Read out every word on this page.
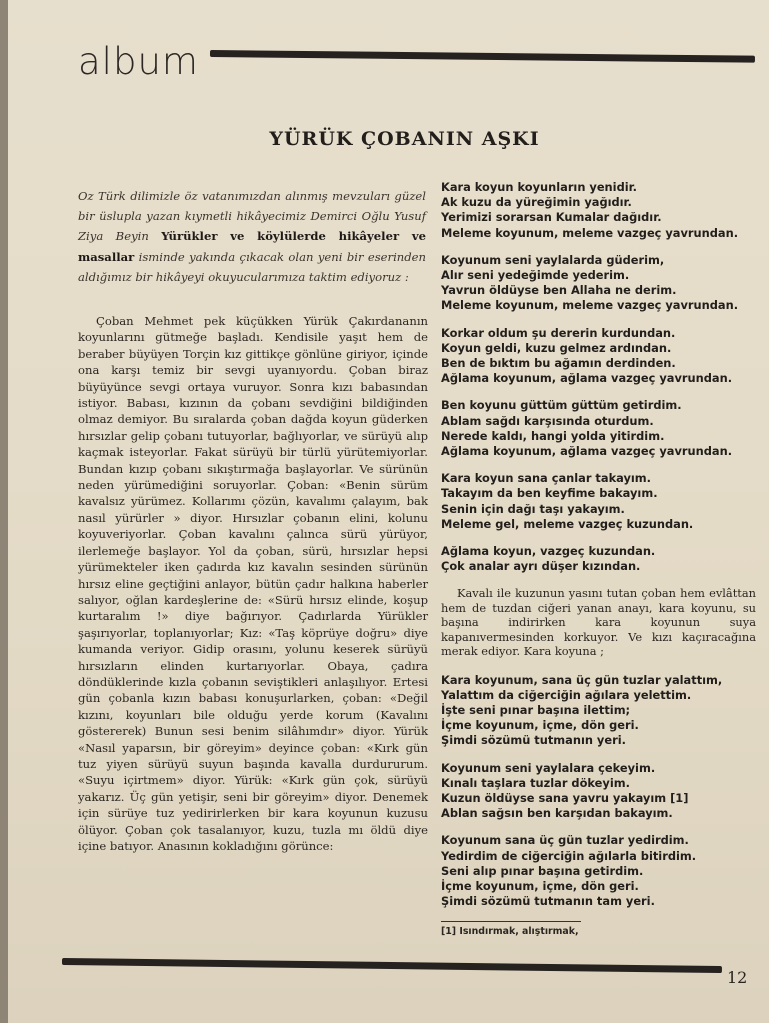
album
YÜRÜK ÇOBANIN AŞKI
Oz Türk dilimizle öz vatanımızdan alınmış mevzuları güzel bir üslupla yazan kıymetli hikâyecimiz Demirci Oğlu Yusuf Ziya Beyin Yürükler ve köylülerde hikâyeler ve masallar isminde yakında çıkacak olan yeni bir eserinden aldığımız bir hikâyeyi okuyucularımıza taktim ediyoruz :

Çoban Mehmet pek küçükken Yürük Çakırdananın koyunlarını gütmeğe başladı. Kendisile yaşıt hem de beraber büyüyen Torçin kız gittikçe gönlüne giriyor, içinde ona karşı temiz bir sevgi uyanıyordu. Çoban biraz büyüyünce sevgi ortaya vuruyor. Sonra kızı babasından istiyor. Babası, kızının da çobanı sevdiğini bildiğinden olmaz demiyor. Bu sıralarda çoban dağda koyun güderken hırsızlar gelip çobanı tutuyorlar, bağlıyorlar, ve sürüyü alıp kaçmak isteyorlar. Fakat sürüyü bir türlü yürütemiyorlar. Bundan kızıp çobanı sıkıştırmağa başlayorlar. Ve sürünün neden yürümediğini soruyorlar. Çoban: «Benin sürüm kavalsız yürümez. Kollarımı çözün, kavalımı çalayım, bak nasıl yürürler » diyor. Hırsızlar çobanın elini, kolunu koyuveriyorlar. Çoban kavalını çalınca sürü yürüyor, ilerlemeğe başlayor. Yol da çoban, sürü, hırsızlar hepsi yürümekteler iken çadırda kız kavalın sesinden sürünün hırsız eline geçtiğini anlayor, bütün çadır halkına haberler salıyor, oğlan kardeşlerine de: «Sürü hırsız elinde, koşup kurtaralım !» diye bağırıyor. Çadırlarda Yürükler şaşırıyorlar, toplanıyorlar; Kız: «Taş köprüye doğru» diye kumanda veriyor. Gidip orasını, yolunu keserek sürüyü hırsızların elinden kurtarıyorlar. Obaya, çadıra döndüklerinde kızla çobanın seviştikleri anlaşılıyor. Ertesi gün çobanla kızın babası konuşurlarken, çoban: «Değil kızını, koyunları bile olduğu yerde korum (Kavalını göstererek) Bunun sesi benim silâhımdır» diyor. Yürük «Nasıl yaparsın, bir göreyim» deyince çoban: «Kırk gün tuz yiyen sürüyü suyun başında kavalla durdururum. «Suyu içirtmem» diyor. Yürük: «Kırk gün çok, sürüyü yakarız. Üç gün yetişir, seni bir göreyim» diyor. Denemek için sürüye tuz yedirirlerken bir kara koyunun kuzusu ölüyor. Çoban çok tasalanıyor, kuzu, tuzla mı öldü diye içine batıyor. Anasının kokladığını görünce:

Kara koyun koyunların yenidir.
Ak kuzu da yüreğimin yağıdır.
Yerimizi sorarsan Kumalar dağıdır.
Meleme koyunum, meleme vazgeç yavrundan.
Koyunum seni yaylalarda güderim,
Alır seni yedeğimde yederim.
Yavrun öldüyse ben Allaha ne derim.
Meleme koyunum, meleme vazgeç yavrundan.
Korkar oldum şu dererin kurdundan.
Koyun geldi, kuzu gelmez ardından.
Ben de bıktım bu ağamın derdinden.
Ağlama koyunum, ağlama vazgeç yavrundan.
Ben koyunu güttüm güttüm getirdim.
Ablam sağdı karşısında oturdum.
Nerede kaldı, hangi yolda yitirdim.
Ağlama koyunum, ağlama vazgeç yavrundan.
Kara koyun sana çanlar takayım.
Takayım da ben keyfime bakayım.
Senin için dağı taşı yakayım.
Meleme gel, meleme vazgeç kuzundan.
Ağlama koyun, vazgeç kuzundan.
Çok analar ayrı düşer kızından.

Kavalı ile kuzunun yasını tutan çoban hem evlâttan hem de tuzdan ciğeri yanan anayı, kara koyunu, su başına indirirken kara koyunun suya kapanıvermesinden korkuyor. Ve kızı kaçıracağına merak ediyor. Kara koyuna ;

Kara koyunum, sana üç gün tuzlar yalattım,
Yalattım da ciğerciğin ağılara yelettim.
İşte seni pınar başına ilettim;
İçme koyunum, içme, dön geri.
Şimdi sözümü tutmanın yeri.
Koyunum seni yaylalara çekeyim.
Kınalı taşlara tuzlar dökeyim.
Kuzun öldüyse sana yavru yakayım [1]
Ablan sağsın ben karşıdan bakayım.
Koyunum sana üç gün tuzlar yedirdim.
Yedirdim de ciğerciğin ağılarla bitirdim.
Seni alıp pınar başına getirdim.
İçme koyunum, içme, dön geri.
Şimdi sözümü tutmanın tam yeri.
[1] Isındırmak, alıştırmak,
12
